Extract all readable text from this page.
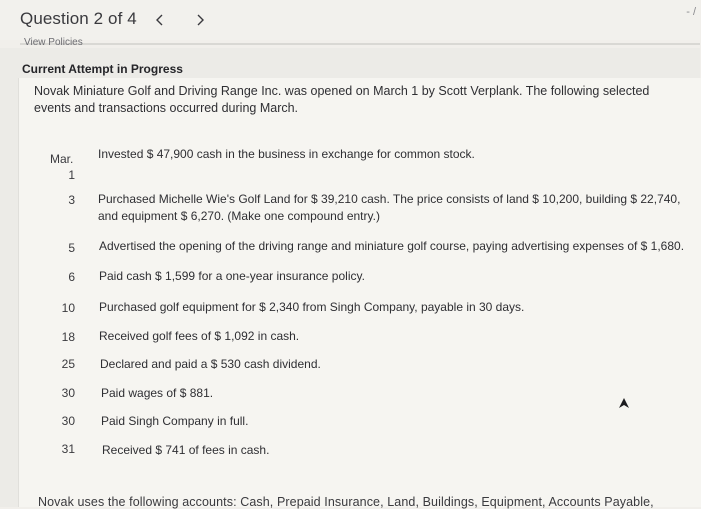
Question 2 of 4	- /
View Policies
Current Attempt in Progress
Novak Miniature Golf and Driving Range Inc. was opened on March 1 by Scott Verplank. The following selected events and transactions occurred during March.
Mar.
1
Invested $ 47,900 cash in the business in exchange for common stock.
3 Purchased Michelle Wie's Golf Land for $ 39,210 cash. The price consists of land $ 10,200, building $ 22,740, and equipment $ 6,270. (Make one compound entry.)
5 Advertised the opening of the driving range and miniature golf course, paying advertising expenses of $ 1,680.
6 Paid cash $ 1,599 for a one-year insurance policy.
10 Purchased golf equipment for $ 2,340 from Singh Company, payable in 30 days.
18 Received golf fees of $ 1,092 in cash.
25 Declared and paid a $ 530 cash dividend.
30 Paid wages of $ 881.
30 Paid Singh Company in full.
31 Received $ 741 of fees in cash.
Novak uses the following accounts: Cash, Prepaid Insurance, Land, Buildings, Equipment, Accounts Payable,
